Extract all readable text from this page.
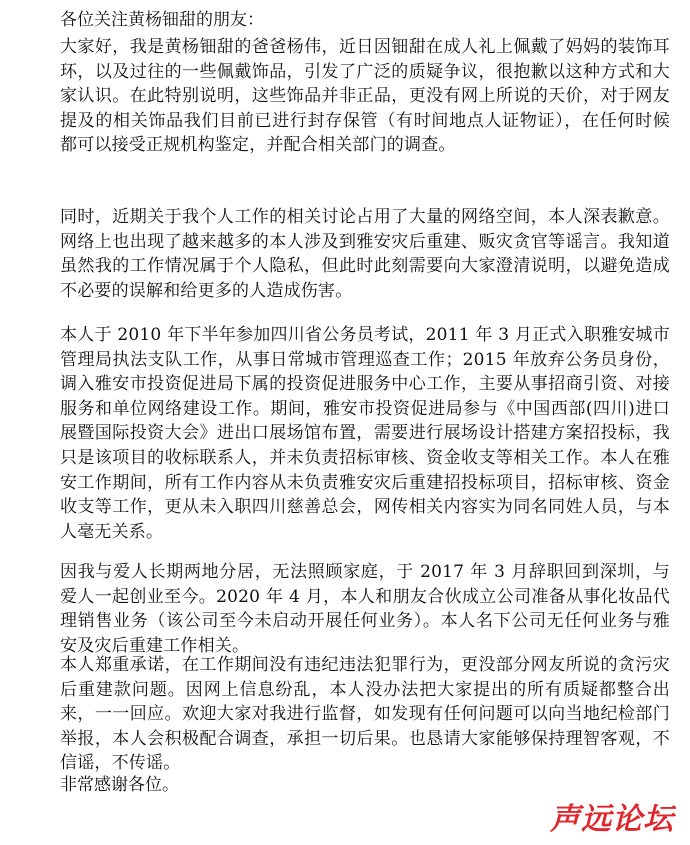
各位关注黄杨钿甜的朋友：

大家好，我是黄杨钿甜的爸爸杨伟，近日因钿甜在成人礼上佩戴了妈妈的装饰耳环，以及过往的一些佩戴饰品，引发了广泛的质疑争议，很抱歉以这种方式和大家认识。在此特别说明，这些饰品并非正品，更没有网上所说的天价，对于网友提及的相关饰品我们目前已进行封存保管（有时间地点人证物证），在任何时候都可以接受正规机构鉴定，并配合相关部门的调查。

同时，近期关于我个人工作的相关讨论占用了大量的网络空间，本人深表歉意。网络上也出现了越来越多的本人涉及到雅安灾后重建、贩灾贪官等谣言。我知道虽然我的工作情况属于个人隐私，但此时此刻需要向大家澄清说明，以避免造成不必要的误解和给更多的人造成伤害。

本人于 2010 年下半年参加四川省公务员考试，2011 年 3 月正式入职雅安城市管理局执法支队工作，从事日常城市管理巡查工作；2015 年放弃公务员身份，调入雅安市投资促进局下属的投资促进服务中心工作，主要从事招商引资、对接服务和单位网络建设工作。期间，雅安市投资促进局参与《中国西部(四川)进口展暨国际投资大会》进出口展场馆布置，需要进行展场设计搭建方案招投标，我只是该项目的收标联系人，并未负责招标审核、资金收支等相关工作。本人在雅安工作期间，所有工作内容从未负责雅安灾后重建招投标项目，招标审核、资金收支等工作，更从未入职四川慈善总会，网传相关内容实为同名同姓人员，与本人毫无关系。

因我与爱人长期两地分居，无法照顾家庭，于 2017 年 3 月辞职回到深圳，与爱人一起创业至今。2020 年 4 月，本人和朋友合伙成立公司准备从事化妆品代理销售业务（该公司至今未启动开展任何业务）。本人名下公司无任何业务与雅安及灾后重建工作相关。

本人郑重承诺，在工作期间没有违纪违法犯罪行为，更没部分网友所说的贪污灾后重建款问题。因网上信息纷乱，本人没办法把大家提出的所有质疑都整合出来，一一回应。欢迎大家对我进行监督，如发现有任何问题可以向当地纪检部门举报，本人会积极配合调查，承担一切后果。也恳请大家能够保持理智客观，不信谣，不传谣。

非常感谢各位。

声远论坛
